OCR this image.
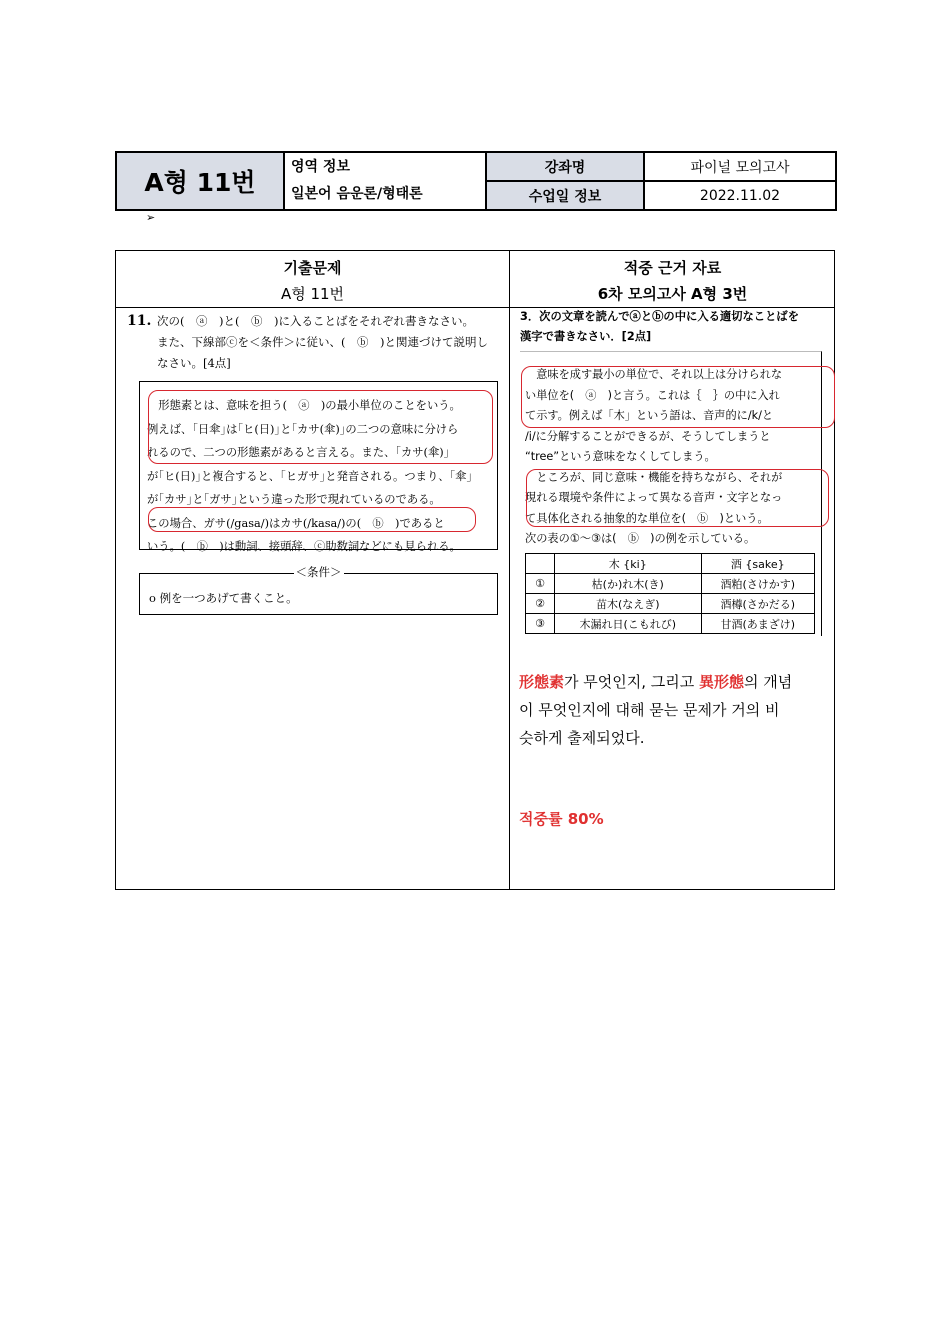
A형 11번
영역 정보
일본어 음운론/형태론
강좌명	파이널 모의고사
수업일 정보	2022.11.02
➢
기출문제
A형 11번
적중 근거 자료
6차 모의고사 A형 3번
11. 次の(　ⓐ　)と(　ⓑ　)に入ることばをそれぞれ書きなさい。
また、下線部ⓒを＜条件＞に従い、(　ⓑ　)と関連づけて説明し
なさい。[4点]
　形態素とは、意味を担う(　ⓐ　)の最小単位のことをいう。
例えば、｢日傘｣は｢ヒ(日)｣と｢カサ(傘)｣の二つの意味に分けら
れるので、二つの形態素があると言える。また、｢カサ(傘)｣
が｢ヒ(日)｣と複合すると、｢ヒガサ｣と発音される。つまり、｢傘｣
が｢カサ｣と｢ガサ｣という違った形で現れているのである。
この場合、ガサ(/gasa/)はカサ(/kasa/)の(　ⓑ　)であると
いう。(　ⓑ　)は動詞、接頭辞、ⓒ助数詞などにも見られる。
＜条件＞
o 例を一つあげて書くこと。
3．次の文章を読んでⓐとⓑの中に入る適切なことばを
漢字で書きなさい．[2点]
　意味を成す最小の単位で、それ以上は分けられな
い単位を(　ⓐ　)と言う。これは｛　｝の中に入れ
て示す。例えば「木」という語は、音声的に/k/と
/i/に分解することができるが、そうしてしまうと
“tree”という意味をなくしてしまう。
　ところが、同じ意味・機能を持ちながら、それが
現れる環境や条件によって異なる音声・文字となっ
て具体化される抽象的な単位を(　ⓑ　)という。
次の表の①～③は(　ⓑ　)の例を示している。
	木 {ki}	酒 {sake}
①	枯(か)れ木(き)	酒粕(さけかす)
②	苗木(なえぎ)	酒樽(さかだる)
③	木漏れ日(こもれび)	甘酒(あまざけ)
形態素가 무엇인지, 그리고 異形態의 개념
이 무엇인지에 대해 묻는 문제가 거의 비
슷하게 출제되었다.
적중률 80%
